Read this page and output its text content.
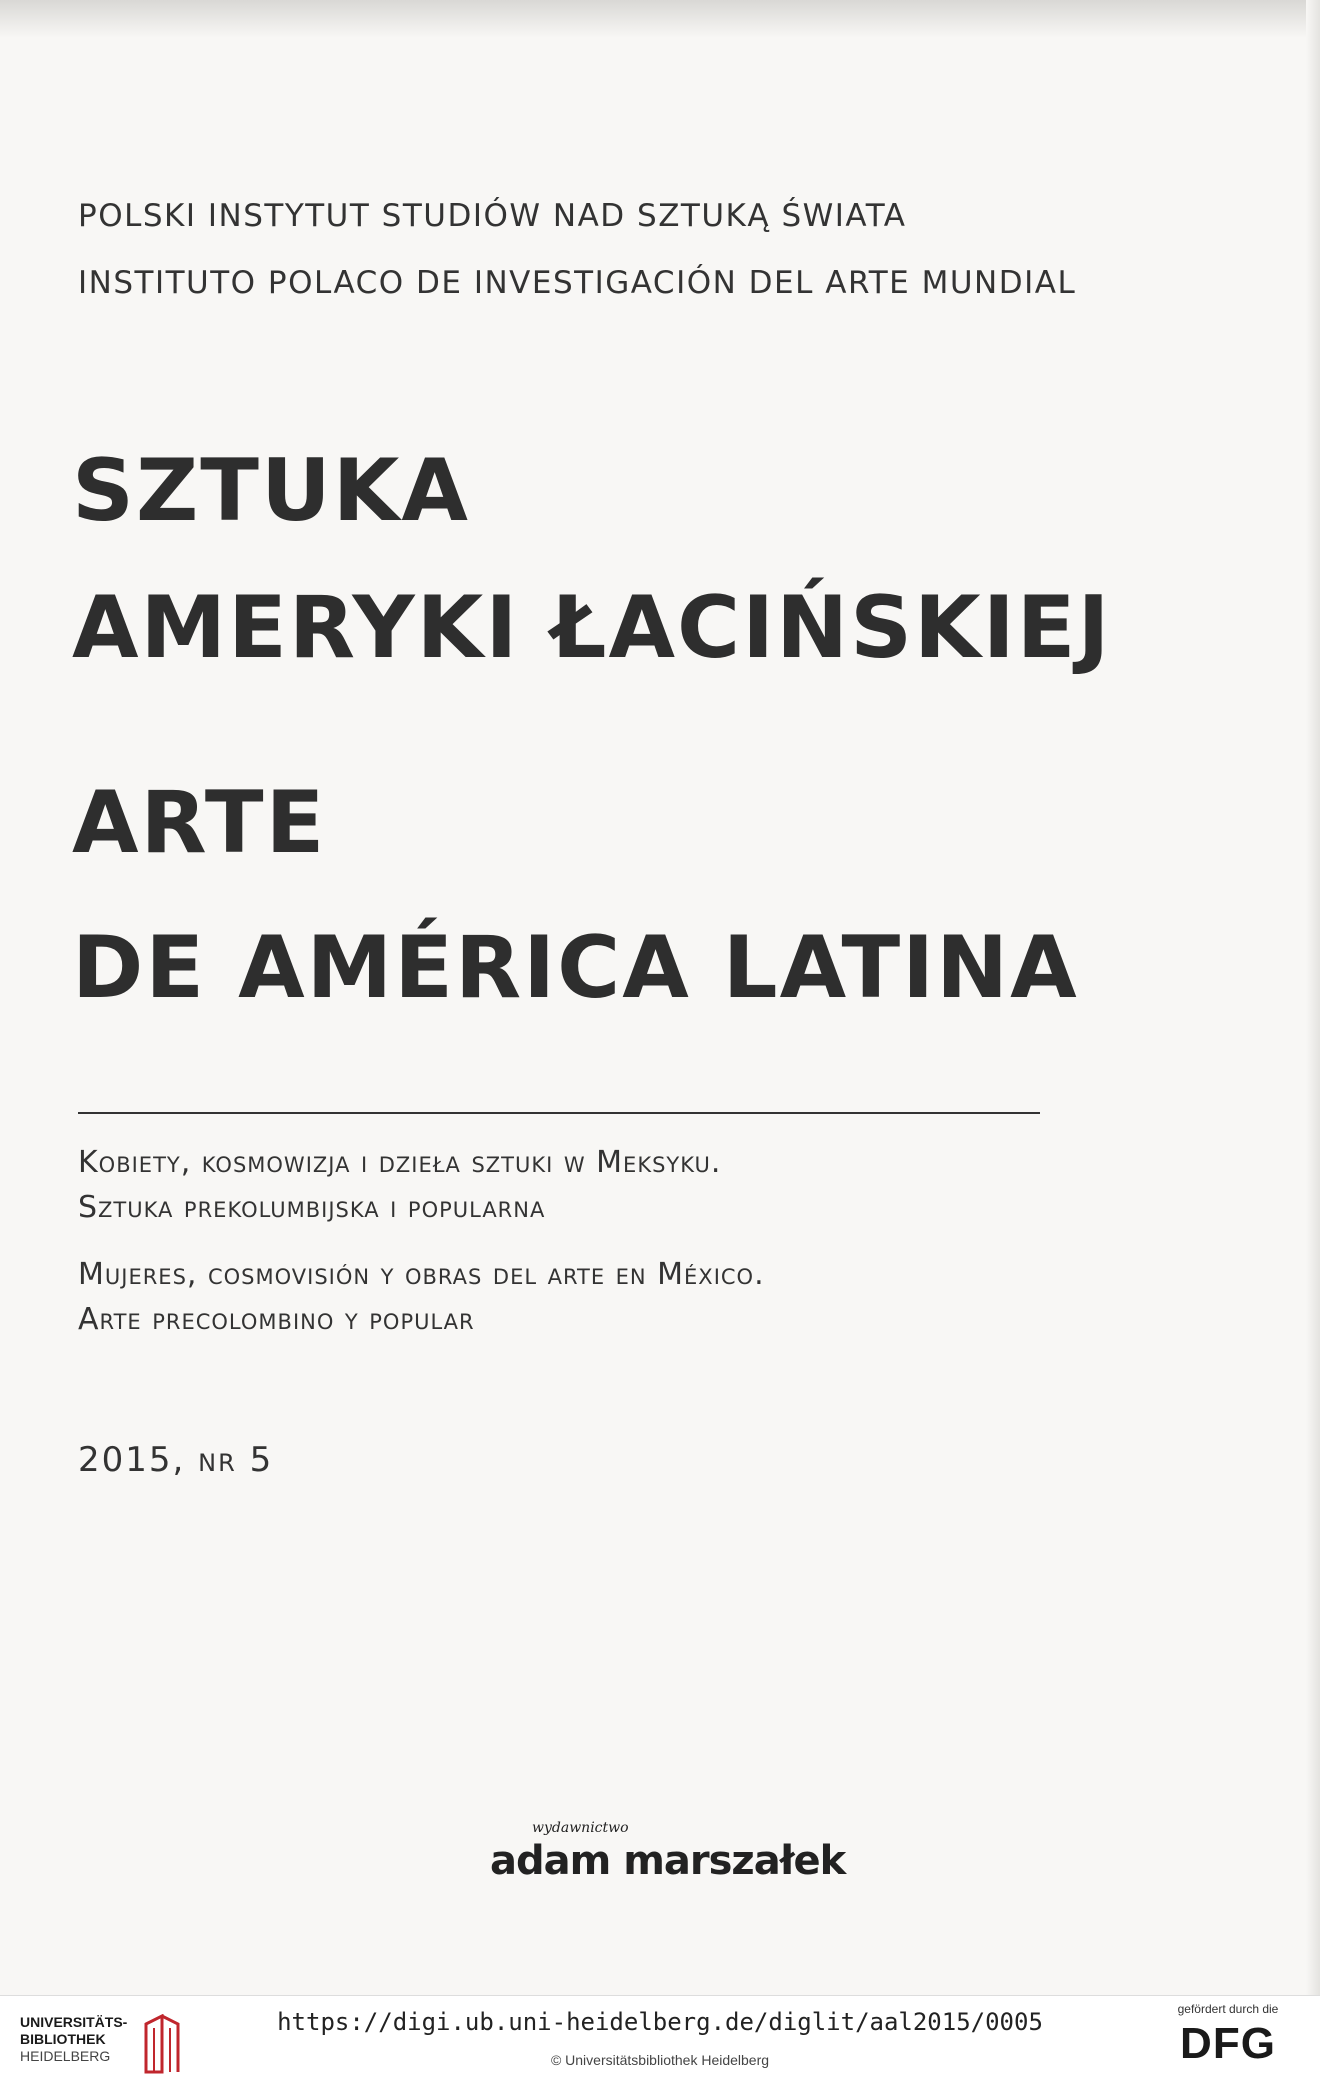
POLSKI INSTYTUT STUDIÓW NAD SZTUKĄ ŚWIATA
INSTITUTO POLACO DE INVESTIGACIÓN DEL ARTE MUNDIAL
SZTUKA
AMERYKI ŁACIŃSKIEJ
ARTE
DE AMÉRICA LATINA
Kobiety, kosmowizja i dzieła sztuki w Meksyku.
Sztuka prekolumbijska i popularna
Mujeres, cosmovisión y obras del arte en México.
Arte precolombino y popular
2015, nr 5
wydawnictwo
adam marszałek
UNIVERSITÄTS-
BIBLIOTHEK
HEIDELBERG
https://digi.ub.uni-heidelberg.de/diglit/aal2015/0005
© Universitätsbibliothek Heidelberg
gefördert durch die
DFG
